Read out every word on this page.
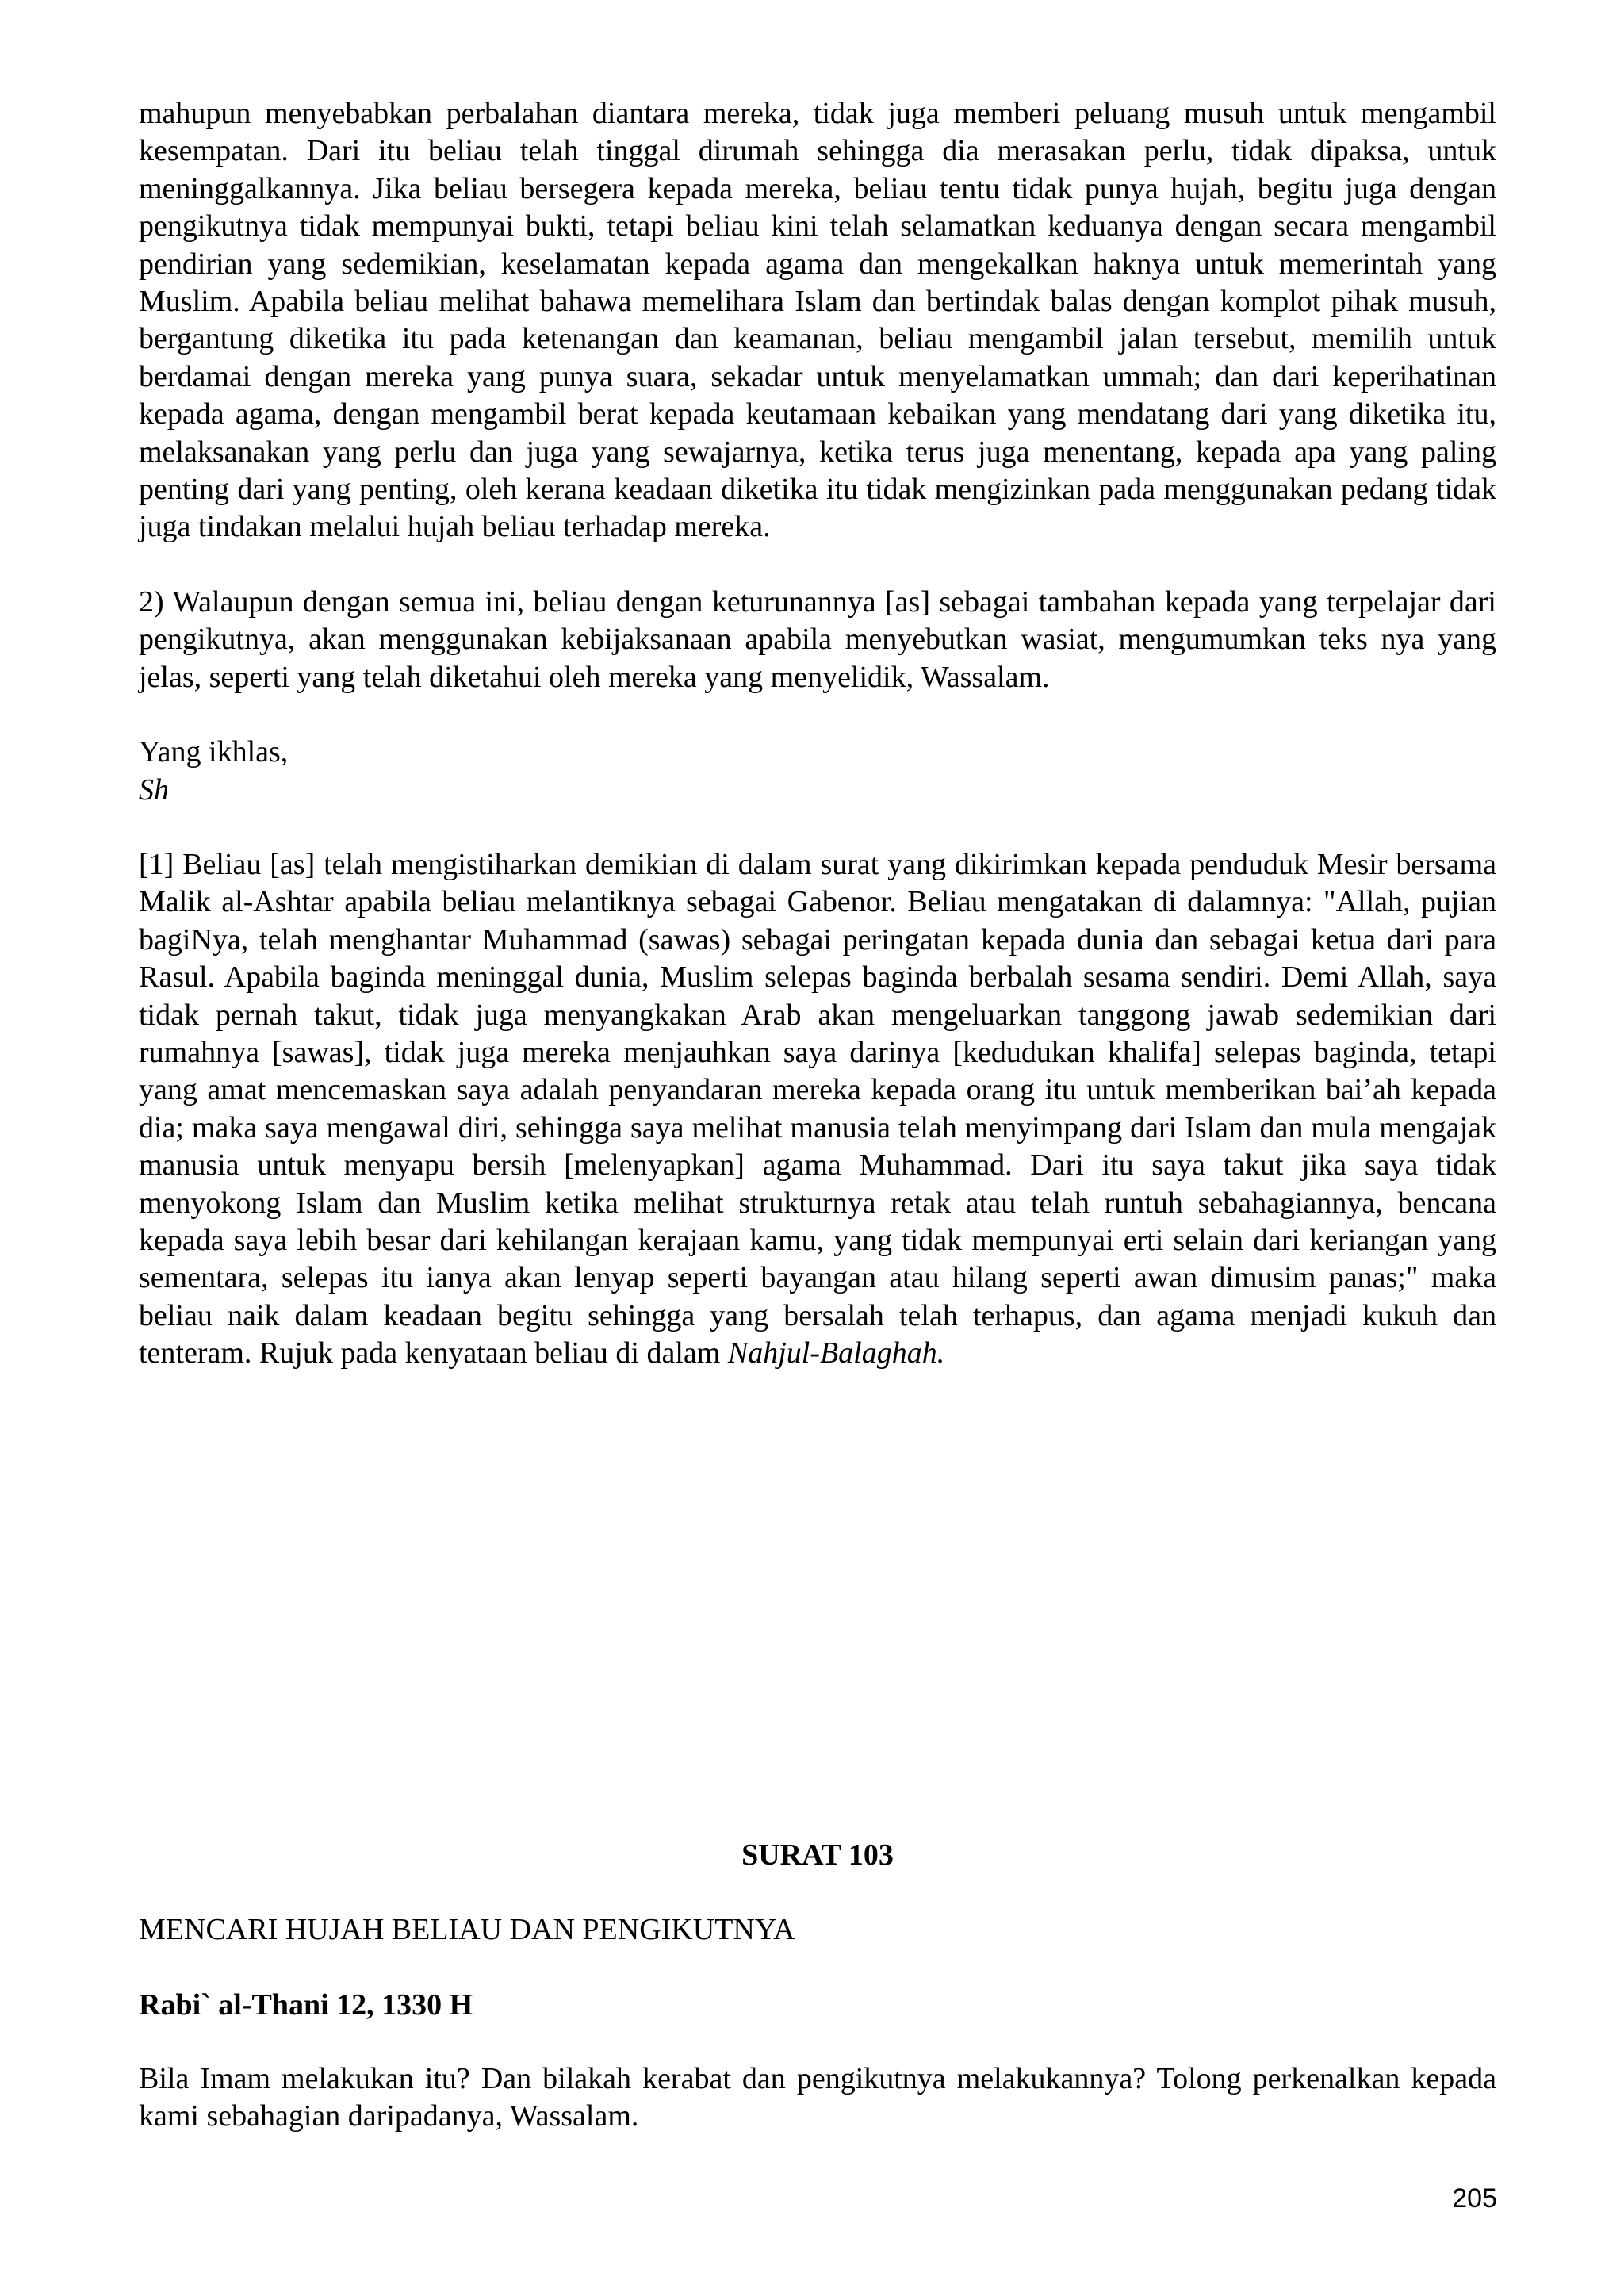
mahupun menyebabkan perbalahan diantara mereka, tidak juga memberi peluang musuh untuk mengambil kesempatan. Dari itu beliau telah tinggal dirumah sehingga dia merasakan perlu, tidak dipaksa, untuk meninggalkannya. Jika beliau bersegera kepada mereka, beliau tentu tidak punya hujah, begitu juga dengan pengikutnya tidak mempunyai bukti, tetapi beliau kini telah selamatkan keduanya dengan secara mengambil pendirian yang sedemikian, keselamatan kepada agama dan mengekalkan haknya untuk memerintah yang Muslim. Apabila beliau melihat bahawa memelihara Islam dan bertindak balas dengan komplot pihak musuh, bergantung diketika itu pada ketenangan dan keamanan, beliau mengambil jalan tersebut, memilih untuk berdamai dengan mereka yang punya suara, sekadar untuk menyelamatkan ummah; dan dari keperihatinan kepada agama, dengan mengambil berat kepada keutamaan kebaikan yang mendatang dari yang diketika itu, melaksanakan yang perlu dan juga yang sewajarnya, ketika terus juga menentang, kepada apa yang paling penting dari yang penting, oleh kerana keadaan diketika itu tidak mengizinkan pada menggunakan pedang tidak juga tindakan melalui hujah beliau terhadap mereka.

2) Walaupun dengan semua ini, beliau dengan keturunannya [as] sebagai tambahan kepada yang terpelajar dari pengikutnya, akan menggunakan kebijaksanaan apabila menyebutkan wasiat, mengumumkan teks nya yang jelas, seperti yang telah diketahui oleh mereka yang menyelidik, Wassalam.

Yang ikhlas,

Sh

[1] Beliau [as] telah mengistiharkan demikian di dalam surat yang dikirimkan kepada penduduk Mesir bersama Malik al-Ashtar apabila beliau melantiknya sebagai Gabenor. Beliau mengatakan di dalamnya: "Allah, pujian bagiNya, telah menghantar Muhammad (sawas) sebagai peringatan kepada dunia dan sebagai ketua dari para Rasul. Apabila baginda meninggal dunia, Muslim selepas baginda berbalah sesama sendiri. Demi Allah, saya tidak pernah takut, tidak juga menyangkakan Arab akan mengeluarkan tanggong jawab sedemikian dari rumahnya [sawas], tidak juga mereka menjauhkan saya darinya [kedudukan khalifa] selepas baginda, tetapi yang amat mencemaskan saya adalah penyandaran mereka kepada orang itu untuk memberikan bai’ah kepada dia; maka saya mengawal diri, sehingga saya melihat manusia telah menyimpang dari Islam dan mula mengajak manusia untuk menyapu bersih [melenyapkan] agama Muhammad. Dari itu saya takut jika saya tidak menyokong Islam dan Muslim ketika melihat strukturnya retak atau telah runtuh sebahagiannya, bencana kepada saya lebih besar dari kehilangan kerajaan kamu, yang tidak mempunyai erti selain dari keriangan yang sementara, selepas itu ianya akan lenyap seperti bayangan atau hilang seperti awan dimusim panas;" maka beliau naik dalam keadaan begitu sehingga yang bersalah telah terhapus, dan agama menjadi kukuh dan tenteram. Rujuk pada kenyataan beliau di dalam Nahjul-Balaghah.

SURAT 103
MENCARI HUJAH BELIAU DAN PENGIKUTNYA
Rabi` al-Thani 12, 1330 H

Bila Imam melakukan itu? Dan bilakah kerabat dan pengikutnya melakukannya? Tolong perkenalkan kepada kami sebahagian daripadanya, Wassalam.

205
